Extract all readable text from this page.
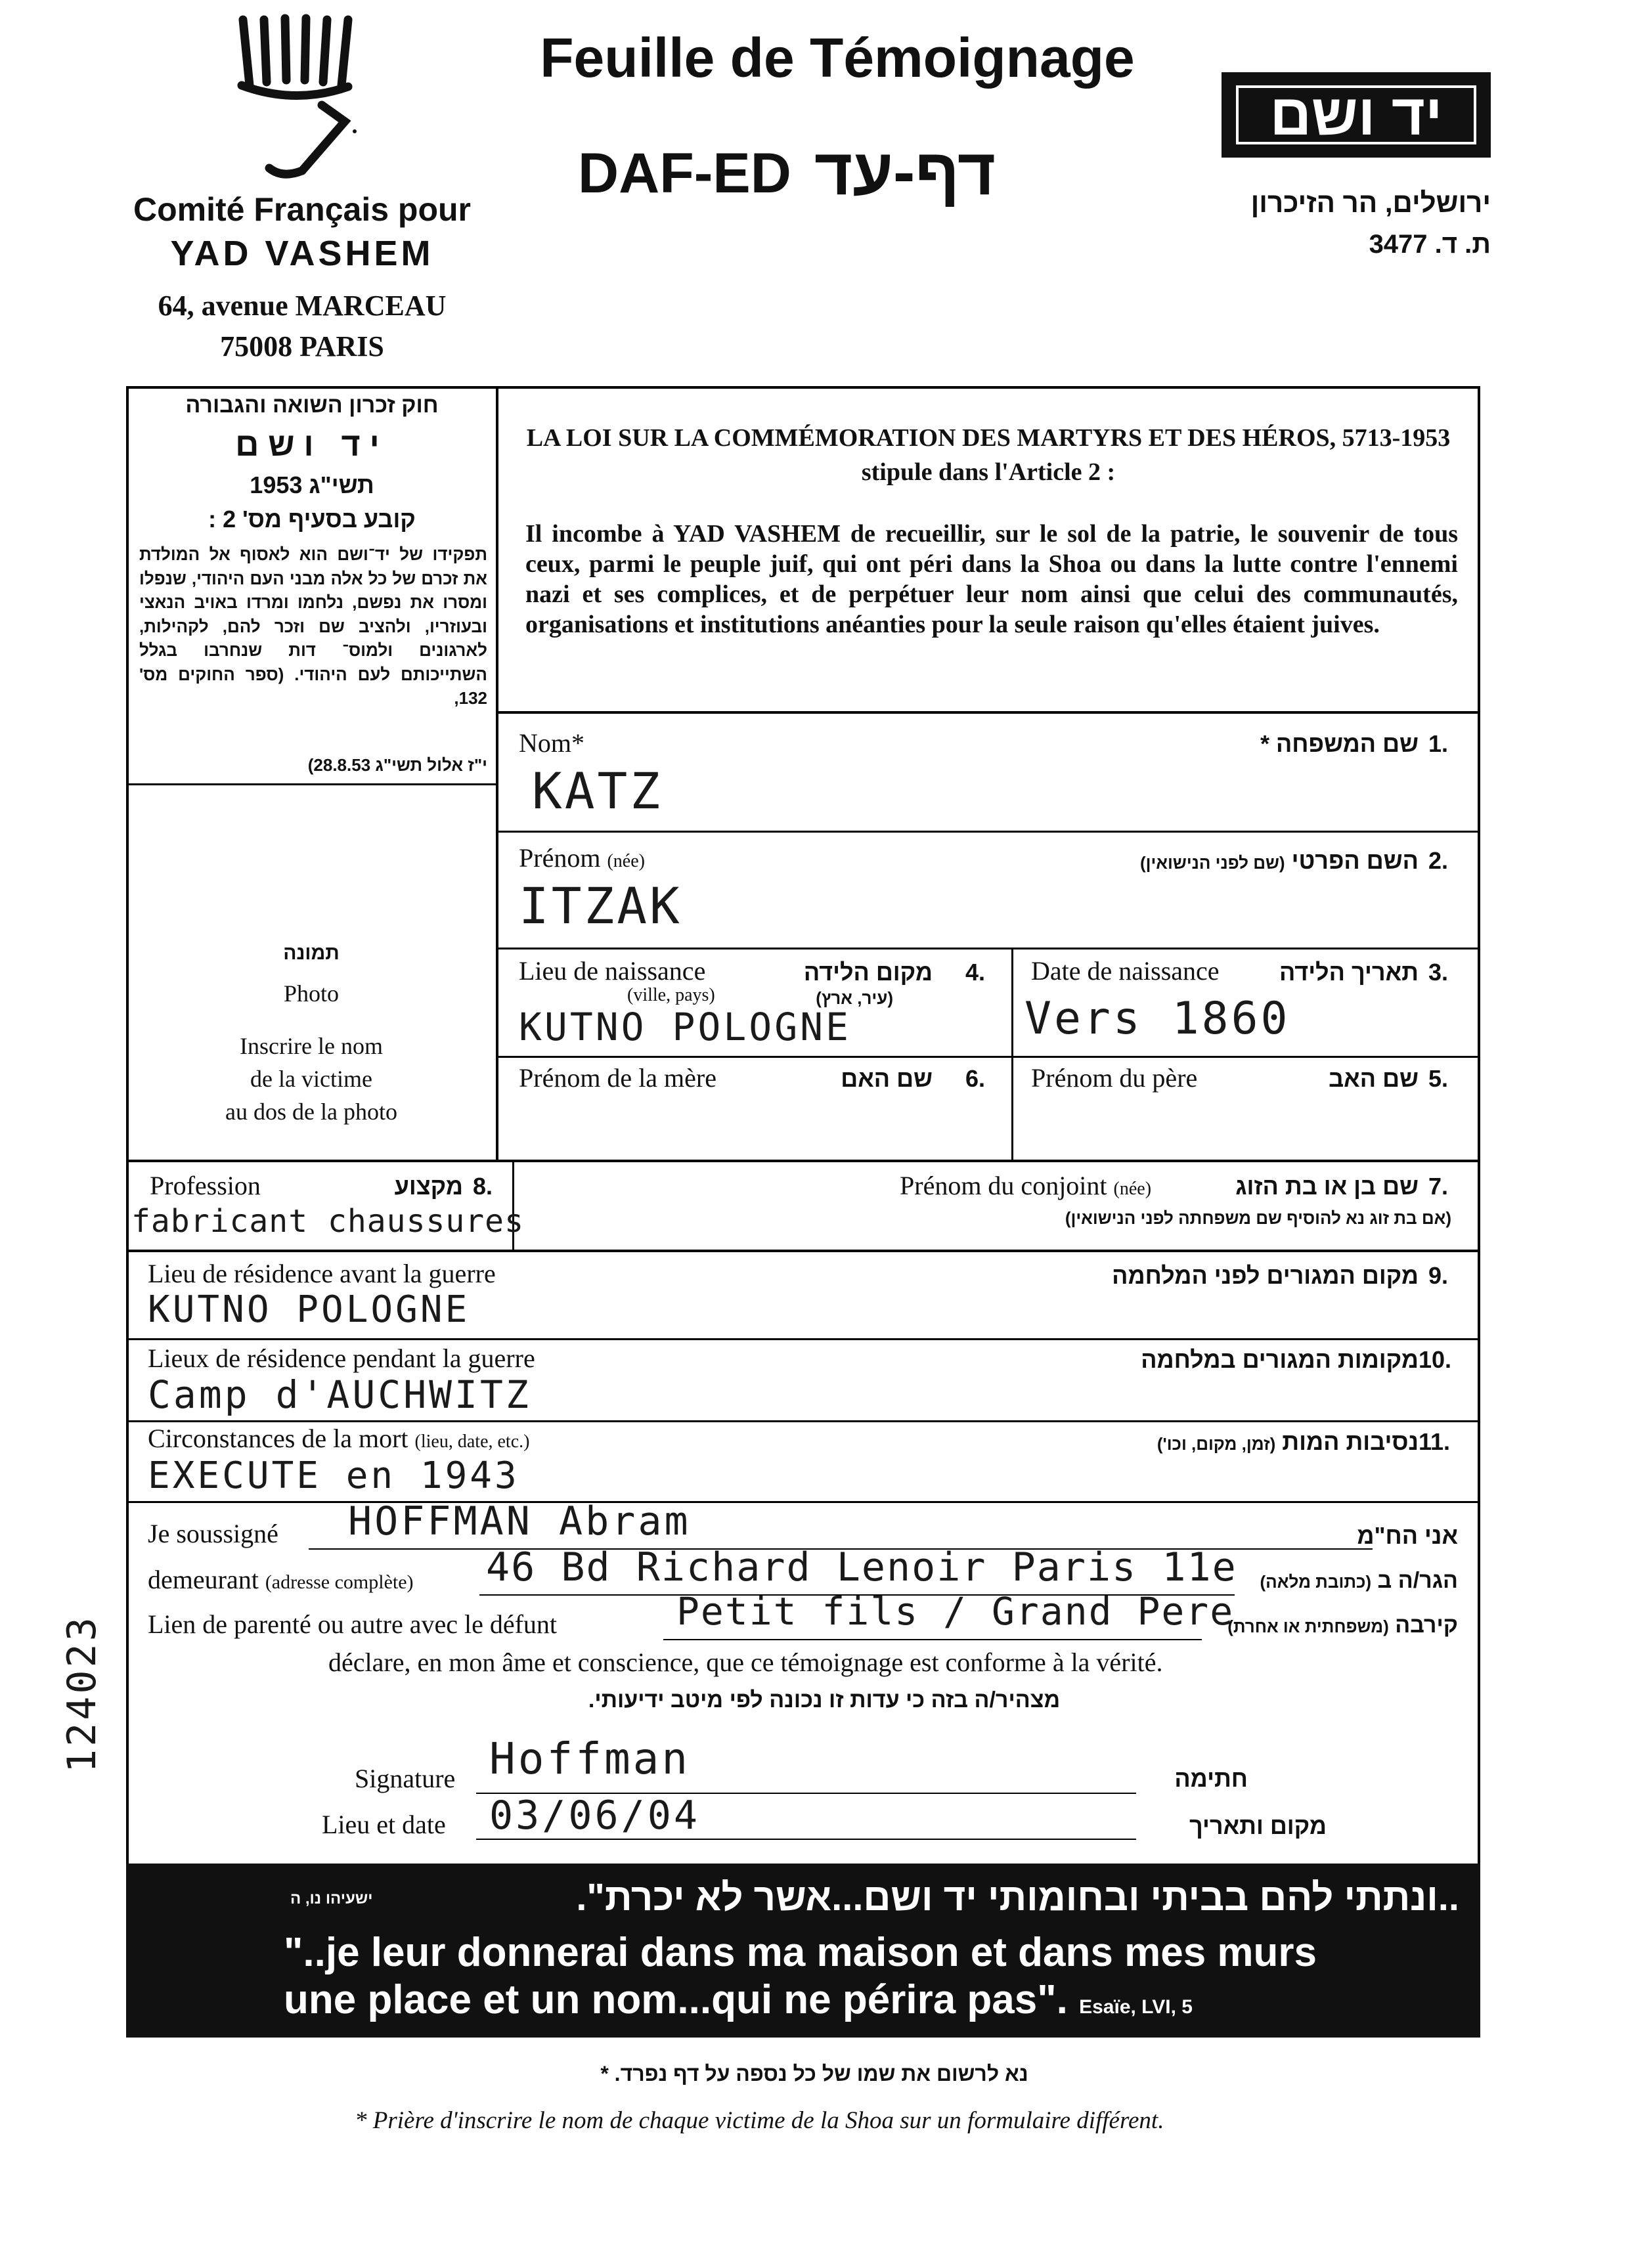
Comité Français pour
YAD VASHEM
64, avenue MARCEAU
75008 PARIS
Feuille de Témoignage
DAF-ED דף-עד
יד ושם
ירושלים, הר הזיכרון
ת. ד. 3477
חוק זכרון השואה והגבורה
יד ושם
תשי"ג 1953
קובע בסעיף מס' 2 :
תפקידו של יד־ושם הוא לאסוף אל המולדת את זכרם של כל אלה מבני העם היהודי, שנפלו ומסרו את נפשם, נלחמו ומרדו באויב הנאצי ובעוזריו, ולהציב שם וזכר להם, לקהילות, לארגונים ולמוס־ דות שנחרבו בגלל השתייכותם לעם היהודי. (ספר החוקים מס' 132,
י"ז אלול תשי"ג 28.8.53)
LA LOI SUR LA COMMÉMORATION DES MARTYRS ET DES HÉROS, 5713-1953
stipule dans l'Article 2 :
Il incombe à YAD VASHEM de recueillir, sur le sol de la patrie, le souvenir de tous ceux, parmi le peuple juif, qui ont péri dans la Shoa ou dans la lutte contre l'ennemi nazi et ses complices, et de perpétuer leur nom ainsi que celui des communautés, organisations et institutions anéanties pour la seule raison qu'elles étaient juives.
תמונה
Photo
Inscrire le nom
de la victime
au dos de la photo
Nom*	שם המשפחה * 1.
KATZ
Prénom (née)	השם הפרטי (שם לפני הנישואין)	2.
ITZAK
Lieu de naissance	מקום הלידה 4.
(ville, pays)	(עיר, ארץ)
KUTNO POLOGNE
Date de naissance	תאריך הלידה 3.
Vers 1860
Prénom de la mère	שם האם 6. Prénom du père	שם האב 5.
Profession	מקצוע 8.
fabricant chaussures
Prénom du conjoint (née)	שם בן או בת הזוג 7.
(אם בת זוג נא להוסיף שם משפחתה לפני הנישואין)
Lieu de résidence avant la guerre	מקום המגורים לפני המלחמה 9.
KUTNO POLOGNE
Lieux de résidence pendant la guerre	מקומות המגורים במלחמה 10.
Camp d'AUCHWITZ
Circonstances de la mort (lieu, date, etc.)	נסיבות המות (זמן, מקום, וכו')	11.
EXECUTE en 1943
Je soussigné HOFFMAN Abram	אני הח"מ
demeurant (adresse complète) 46 Bd Richard Lenoir Paris 11e	הגר/ה ב (כתובת מלאה)
Lien de parenté ou autre avec le défunt	Petit fils / Grand Pere	קירבה (משפחתית או אחרת)
déclare, en mon âme et conscience, que ce témoignage est conforme à la vérité.
מצהיר/ה בזה כי עדות זו נכונה לפי מיטב ידיעותי.
Signature Hoffman	חתימה
Lieu et date 03/06/04	מקום ותאריך
124023
..ונתתי להם בביתי ובחומותי יד ושם...אשר לא יכרת".
ישעיהו נו, ה
"..je leur donnerai dans ma maison et dans mes murs
une place et un nom...qui ne périra pas". Esaïe, LVI, 5
נא לרשום את שמו של כל נספה על דף נפרד. *
* Prière d'inscrire le nom de chaque victime de la Shoa sur un formulaire différent.
